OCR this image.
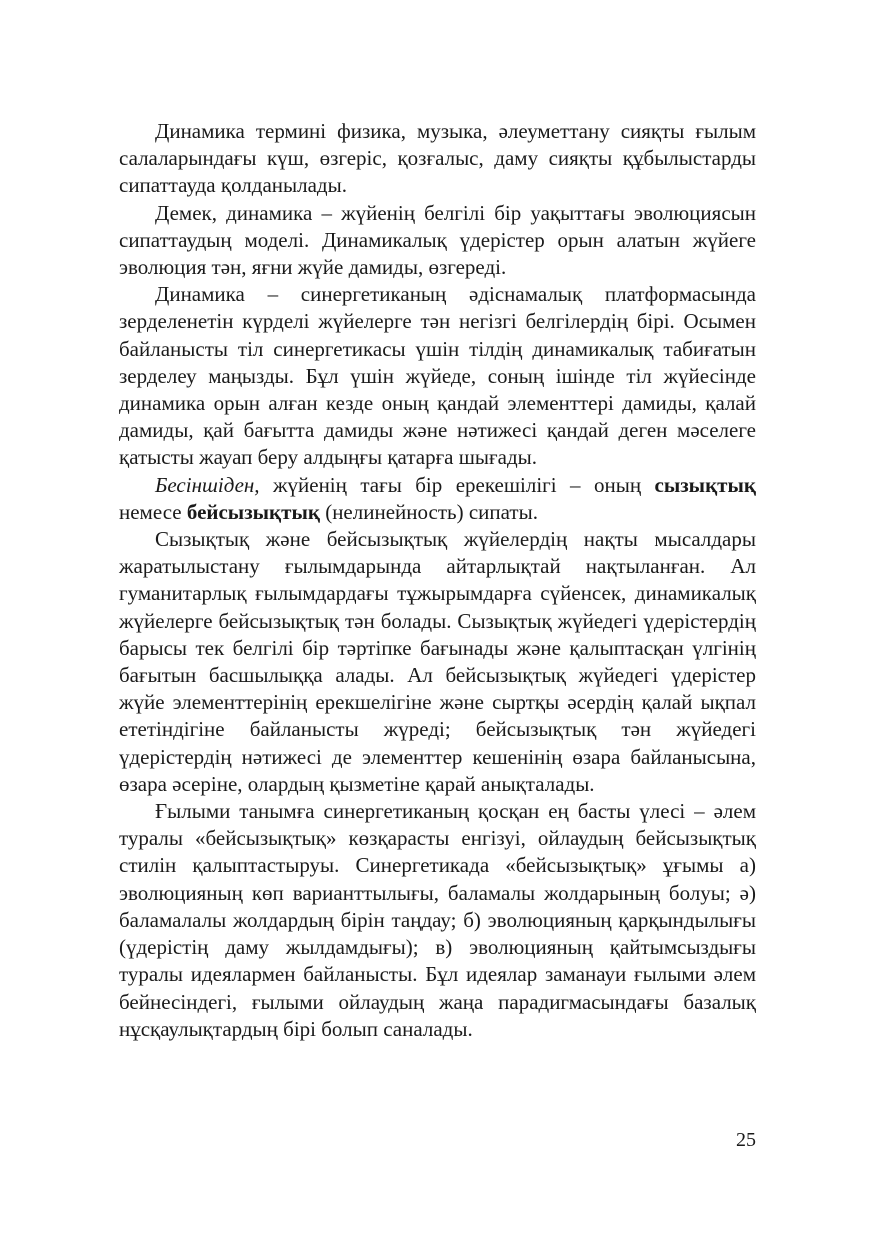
Динамика термині физика, музыка, әлеуметтану сияқты ғылым салаларындағы күш, өзгеріс, қозғалыс, даму сияқты құбылыстарды сипаттауда қолданылады.

Демек, динамика – жүйенің белгілі бір уақыттағы эволюциясын сипаттаудың моделі. Динамикалық үдерістер орын алатын жүйеге эволюция тән, яғни жүйе дамиды, өзгереді.

Динамика – синергетиканың әдіснамалық платформасында зерделенетін күрделі жүйелерге тән негізгі белгілердің бірі. Осымен байланысты тіл синергетикасы үшін тілдің динамикалық табиғатын зерделеу маңызды. Бұл үшін жүйеде, соның ішінде тіл жүйесінде динамика орын алған кезде оның қандай элементтері дамиды, қалай дамиды, қай бағытта дамиды және нәтижесі қандай деген мәселеге қатысты жауап беру алдыңғы қатарға шығады.

Бесіншіден, жүйенің тағы бір ерекешілігі – оның сызықтық немесе бейсызықтық (нелинейность) сипаты.

Сызықтық және бейсызықтық жүйелердің нақты мысалдары жаратылыстану ғылымдарында айтарлықтай нақтыланған. Ал гуманитарлық ғылымдардағы тұжырымдарға сүйенсек, динамикалық жүйелерге бейсызықтық тән болады. Сызықтық жүйедегі үдерістердің барысы тек белгілі бір тәртіпке бағынады және қалыптасқан үлгінің бағытын басшылыққа алады. Ал бейсызықтық жүйедегі үдерістер жүйе элементтерінің ерекшелігіне және сыртқы әсердің қалай ықпал ететіндігіне байланысты жүреді; бейсызықтық тән жүйедегі үдерістердің нәтижесі де элементтер кешенінің өзара байланысына, өзара әсеріне, олардың қызметіне қарай анықталады.

Ғылыми танымға синергетиканың қосқан ең басты үлесі – әлем туралы «бейсызықтық» көзқарасты енгізуі, ойлаудың бейсызықтық стилін қалыптастыруы. Синергетикада «бейсызықтық» ұғымы а) эволюцияның көп варианттылығы, баламалы жолдарының болуы; ә) баламалалы жолдардың бірін таңдау; б) эволюцияның қарқындылығы (үдерістің даму жылдамдығы); в) эволюцияның қайтымсыздығы туралы идеялармен байланысты. Бұл идеялар заманауи ғылыми әлем бейнесіндегі, ғылыми ойлаудың жаңа парадигмасындағы базалық нұсқаулықтардың бірі болып саналады.

25
